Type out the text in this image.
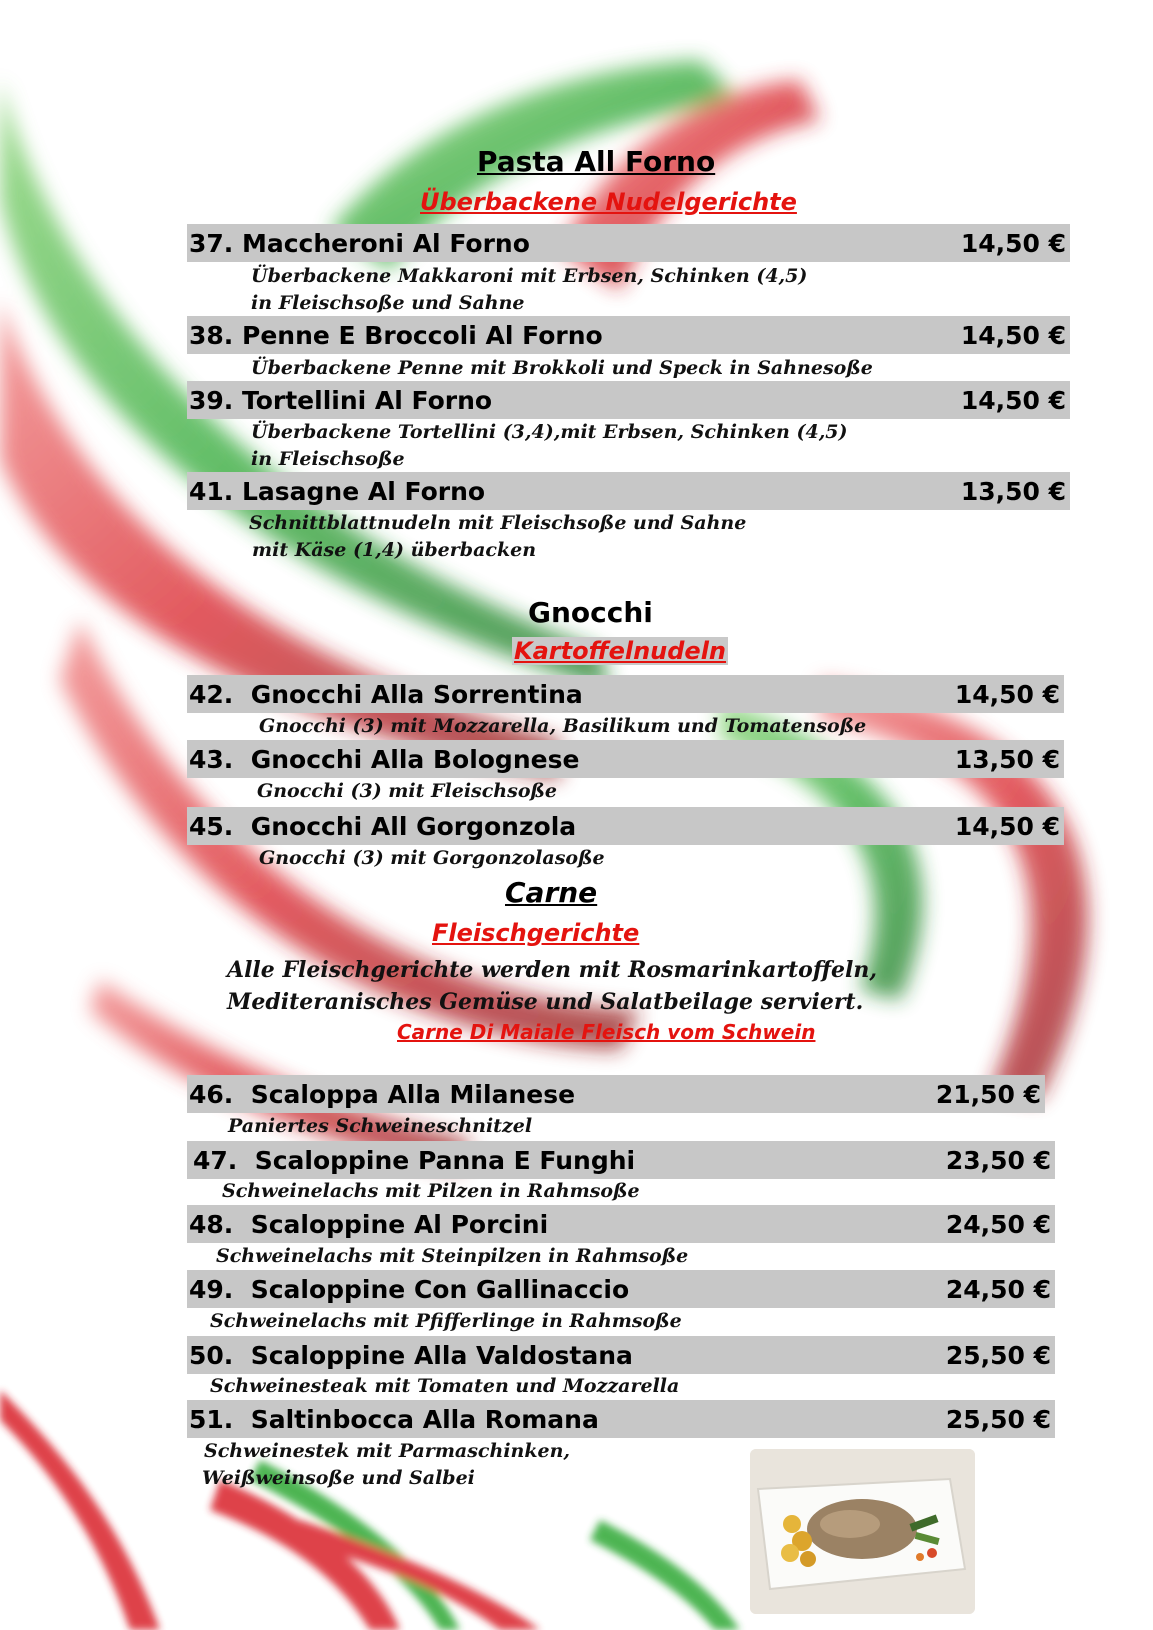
Pasta All Forno
Überbackene Nudelgerichte
37. Maccheroni Al Forno	14,50 €
Überbackene Makkaroni mit Erbsen, Schinken (4,5)
in Fleischsoße und Sahne
38. Penne E Broccoli Al Forno	14,50 €
Überbackene Penne mit Brokkoli und Speck in Sahnesoße
39. Tortellini Al Forno	14,50 €
Überbackene Tortellini (3,4),mit Erbsen, Schinken (4,5)
in Fleischsoße
41. Lasagne Al Forno	13,50 €
Schnittblattnudeln mit Fleischsoße und Sahne
mit Käse (1,4) überbacken
Gnocchi
Kartoffelnudeln
42.  Gnocchi Alla Sorrentina	14,50 €
Gnocchi (3) mit Mozzarella, Basilikum und Tomatensoße
43.  Gnocchi Alla Bolognese	13,50 €
Gnocchi (3) mit Fleischsoße
45.  Gnocchi All Gorgonzola	14,50 €
Gnocchi (3) mit Gorgonzolasoße
Carne
Fleischgerichte
Alle Fleischgerichte werden mit Rosmarinkartoffeln,
Mediteranisches Gemüse und Salatbeilage serviert.
Carne Di Maiale Fleisch vom Schwein
46.  Scaloppa Alla Milanese	21,50 €
Paniertes Schweineschnitzel
47.  Scaloppine Panna E Funghi	23,50 €
Schweinelachs mit Pilzen in Rahmsoße
48.  Scaloppine Al Porcini	24,50 €
Schweinelachs mit Steinpilzen in Rahmsoße
49.  Scaloppine Con Gallinaccio	24,50 €
Schweinelachs mit Pfifferlinge in Rahmsoße
50.  Scaloppine Alla Valdostana	25,50 €
Schweinesteak mit Tomaten und Mozzarella
51.  Saltinbocca Alla Romana	25,50 €
Schweinestek mit Parmaschinken,
Weißweinsoße und Salbei
